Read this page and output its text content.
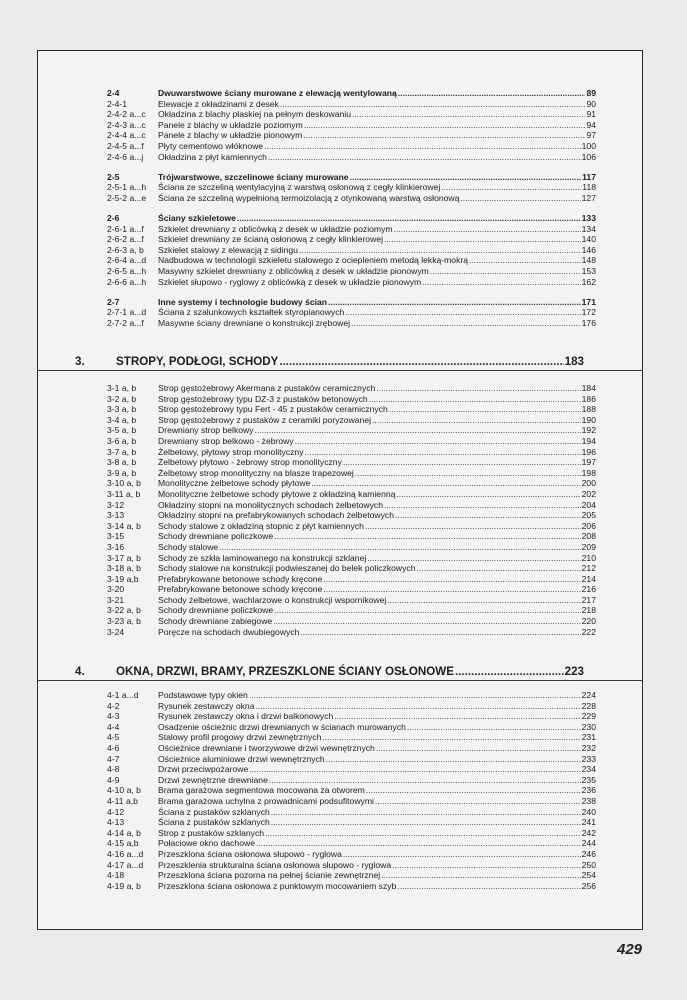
2-4	Dwuwarstwowe ściany murowane z elewacją wentylowaną .....	89
2-4-1	Elewacje z okładzinami z desek .....	90
2-4-2 a...c	Okładzina z blachy płaskiej na pełnym deskowaniu .....	91
2-4-3 a...c	Panele z blachy w układzie poziomym .....	94
2-4-4 a...c	Panele z blachy w układzie pionowym .....	97
2-4-5 a...f	Płyty cementowo włóknowe .....	100
2-4-6 a...j	Okładzina z płyt kamiennych .....	106
2-5	Trójwarstwowe, szczelinowe ściany murowane .....	117
2-5-1 a...h	Ściana ze szczeliną wentylacyjną z warstwą osłonową z cegły klinkierowej .....	118
2-5-2 a...e	Ściana ze szczeliną wypełnioną termoizolacją z otynkowaną warstwą osłonową .....	127
2-6	Ściany szkieletowe .....	133
2-6-1 a...f	Szkielet drewniany z oblicówką z desek w układzie poziomym .....	134
2-6-2 a...f	Szkielet drewniany ze ścianą osłonową z cegły klinkierowej .....	140
2-6-3 a, b	Szkielet stalowy z elewacją z sidingu .....	146
2-6-4 a...d	Nadbudowa w technologii szkieletu stalowego z ociepleniem metodą lekką-mokrą .....	148
2-6-5 a...h	Masywny szkielet drewniany z oblicówką z desek w układzie pionowym .....	153
2-6-6 a...h	Szkielet słupowo - ryglowy z oblicówką z desek w układzie pionowym .....	162
2-7	Inne systemy i technologie budowy ścian .....	171
2-7-1 a...d	Ściana z szalunkowych kształtek styropianowych .....	172
2-7-2 a...f	Masywne ściany drewniane o konstrukcji zrębowej .....	176
3.	STROPY, PODŁOGI, SCHODY .....	183
3-1 a, b	Strop gęstożebrowy Akermana z pustaków ceramicznych .....	184
3-2 a, b	Strop gęstożebrowy typu DZ-3 z pustaków betonowych .....	186
3-3 a, b	Strop gęstożebrowy typu Fert - 45 z pustaków ceramicznych .....	188
3-4 a, b	Strop gęstożebrowy z pustaków z ceramiki poryzowanej .....	190
3-5 a, b	Drewniany strop belkowy .....	192
3-6 a, b	Drewniany strop belkowo - żebrowy .....	194
3-7 a, b	Żelbetowy, płytowy strop monolityczny .....	196
3-8 a, b	Żelbetowy płytowo - żebrowy strop monolityczny .....	197
3-9 a, b	Żelbetowy strop monolityczny na blasze trapezowej .....	198
3-10 a, b	Monolityczne żelbetowe schody płytowe .....	200
3-11 a, b	Monolityczne żelbetowe schody płytowe z okładziną kamienną .....	202
3-12	Okładziny stopni na monolitycznych schodach żelbetowych .....	204
3-13	Okładziny stopni na prefabrykowanych schodach żelbetowych .....	205
3-14 a, b	Schody stalowe z okładziną stopnic z płyt kamiennych .....	206
3-15	Schody drewniane policzkowe .....	208
3-16	Schody stalowe .....	209
3-17 a, b	Schody ze szkła laminowanego na konstrukcji szklanej .....	210
3-18 a, b	Schody stalowe na konstrukcji podwieszanej do belek policzkowych .....	212
3-19 a,b	Prefabrykowane betonowe schody kręcone .....	214
3-20	Prefabrykowane betonowe schody kręcone .....	216
3-21	Schody żelbetowe, wachlarzowe o konstrukcji wspornikowej .....	217
3-22 a, b	Schody drewniane policzkowe .....	218
3-23 a, b	Schody drewniane zabiegowe .....	220
3-24	Poręcze na schodach dwubiegowych .....	222
4.	OKNA, DRZWI, BRAMY, PRZESZKLONE ŚCIANY OSŁONOWE .....	223
4-1 a...d	Podstawowe typy okien .....	224
4-2	Rysunek zestawczy okna .....	228
4-3	Rysunek zestawczy okna i drzwi balkonowych .....	229
4-4	Osadzenie ościeżnic drzwi drewnianych w ścianach murowanych .....	230
4-5	Stalowy profil progowy drzwi zewnętrznych .....	231
4-6	Ościeżnice drewniane i tworzywowe drzwi wewnętrznych .....	232
4-7	Ościeżnice aluminiowe drzwi wewnętrznych .....	233
4-8	Drzwi przeciwpożarowe .....	234
4-9	Drzwi zewnętrzne drewniane .....	235
4-10 a, b	Brama garażowa segmentowa mocowana za otworem .....	236
4-11 a,b	Brama garażowa uchylna z prowadnicami podsufitowymi .....	238
4-12	Ściana z pustaków szklanych .....	240
4-13	Ściana z pustaków szklanych .....	241
4-14 a, b	Strop z pustaków szklanych .....	242
4-15 a,b	Połaciowe okno dachowe .....	244
4-16 a...d	Przeszklona ściana osłonowa słupowo - ryglowa .....	246
4-17 a...d	Przeszklenia strukturalna ściana osłonowa słupowo - ryglowa .....	250
4-18	Przeszklona ściana pozorna na pełnej ścianie zewnętrznej .....	254
4-19 a, b	Przeszklona ściana osłonowa z punktowym mocowaniem szyb .....	256
429
